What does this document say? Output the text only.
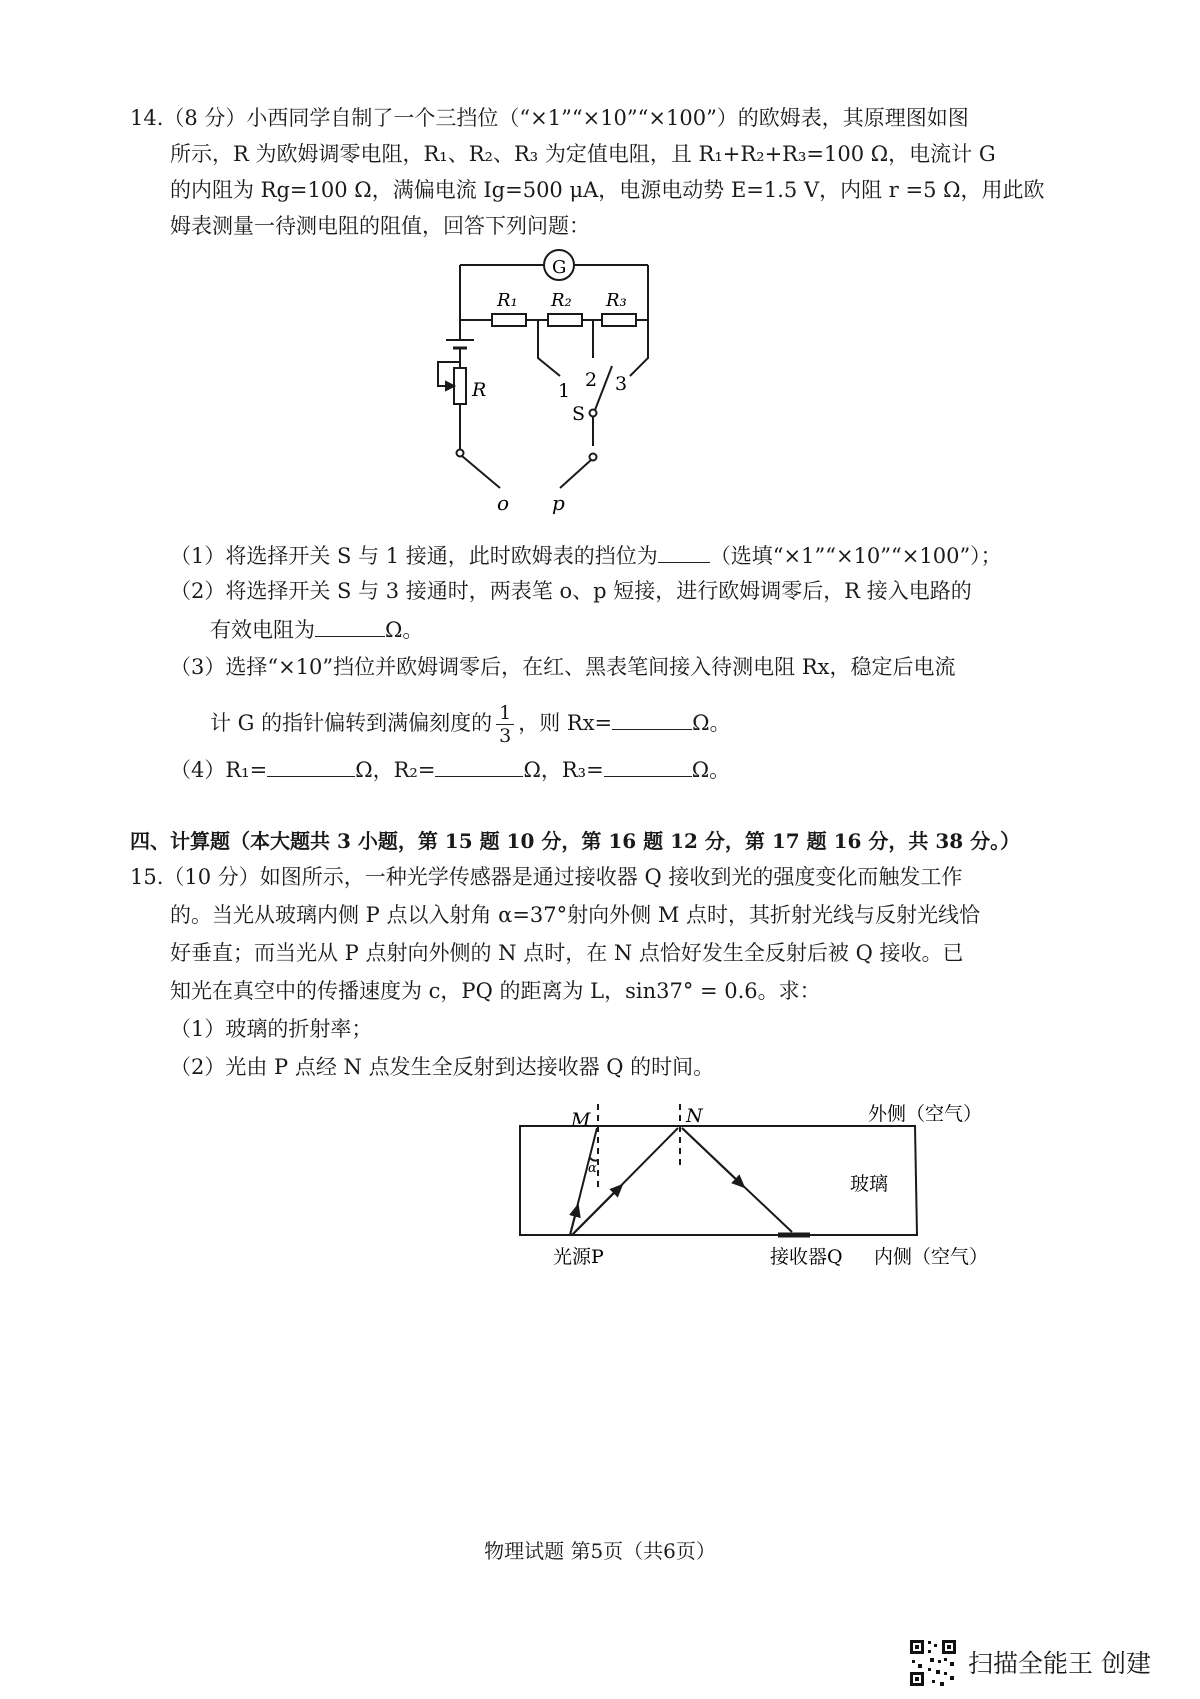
14.（8 分）小西同学自制了一个三挡位（“×1”“×10”“×100”）的欧姆表，其原理图如图
所示，R 为欧姆调零电阻，R₁、R₂、R₃ 为定值电阻，且 R₁+R₂+R₃=100 Ω，电流计 G
的内阻为 Rg=100 Ω，满偏电流 Ig=500 μA，电源电动势 E=1.5 V，内阻 r =5 Ω，用此欧
姆表测量一待测电阻的阻值，回答下列问题：
G
R₁ R₂ R₃
R	1 2 3
S
o p
（1）将选择开关 S 与 1 接通，此时欧姆表的挡位为 （选填“×1”“×10”“×100”）；
（2）将选择开关 S 与 3 接通时，两表笔 o、p 短接，进行欧姆调零后，R 接入电路的
有效电阻为	Ω。
（3）选择“×10”挡位并欧姆调零后，在红、黑表笔间接入待测电阻 Rx，稳定后电流
计 G 的指针偏转到满偏刻度的 $\frac{1}{3}$ ，则 Rx=	Ω。
（4）R₁=	Ω，R₂=	Ω，R₃=	Ω。
四、计算题（本大题共 3 小题，第 15 题 10 分，第 16 题 12 分，第 17 题 16 分，共 38 分。）
15.（10 分）如图所示，一种光学传感器是通过接收器 Q 接收到光的强度变化而触发工作
的。当光从玻璃内侧 P 点以入射角 α=37°射向外侧 M 点时，其折射光线与反射光线恰
好垂直；而当光从 P 点射向外侧的 N 点时，在 N 点恰好发生全反射后被 Q 接收。已
知光在真空中的传播速度为 c，PQ 的距离为 L，sin37° = 0.6。求：
（1）玻璃的折射率；
（2）光由 P 点经 N 点发生全反射到达接收器 Q 的时间。
M	N
α
外侧（空气）
玻璃
光源P	接收器Q 内侧（空气）
物理试题 第5页（共6页）
扫描全能王 创建
